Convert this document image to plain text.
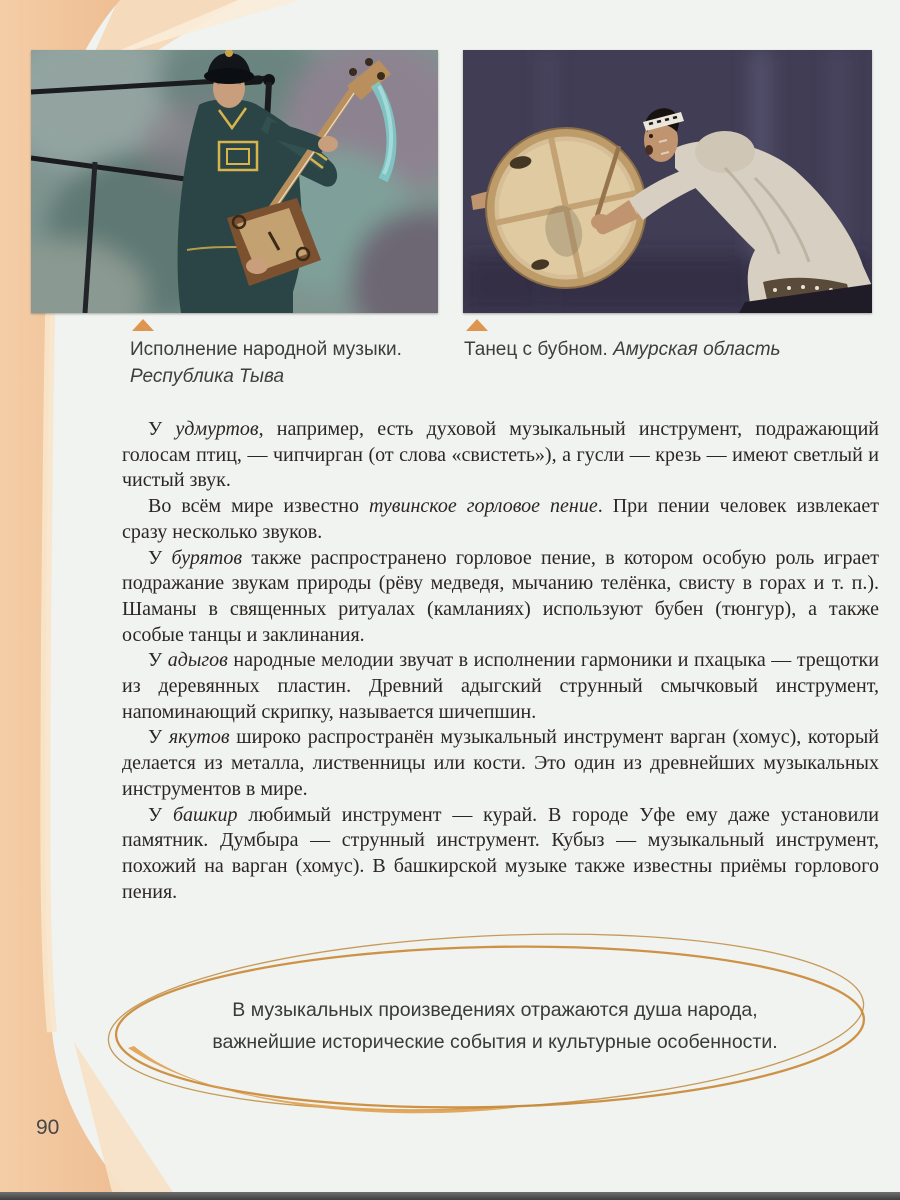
Исполнение народной музыки.
Республика Тыва
Танец с бубном. Амурская область

У удмуртов, например, есть духовой музыкальный инструмент, подражающий голосам птиц, — чипчирган (от слова «свистеть»), а гусли — крезь — имеют светлый и чистый звук.

Во всём мире известно тувинское горловое пение. При пении человек извлекает сразу несколько звуков.

У бурятов также распространено горловое пение, в котором особую роль играет подражание звукам природы (рёву медведя, мычанию телёнка, свисту в горах и т. п.). Шаманы в священных ритуалах (камланиях) используют бубен (тюнгур), а также особые танцы и заклинания.

У адыгов народные мелодии звучат в исполнении гармоники и пхацыка — трещотки из деревянных пластин. Древний адыгский струнный смычковый инструмент, напоминающий скрипку, называется шичепшин.

У якутов широко распространён музыкальный инструмент варган (хомус), который делается из металла, лиственницы или кости. Это один из древнейших музыкальных инструментов в мире.

У башкир любимый инструмент — курай. В городе Уфе ему даже установили памятник. Думбыра — струнный инструмент. Кубыз — музыкальный инструмент, похожий на варган (хомус). В башкирской музыке также известны приёмы горлового пения.

В музыкальных произведениях отражаются душа народа,
важнейшие исторические события и культурные особенности.
90
